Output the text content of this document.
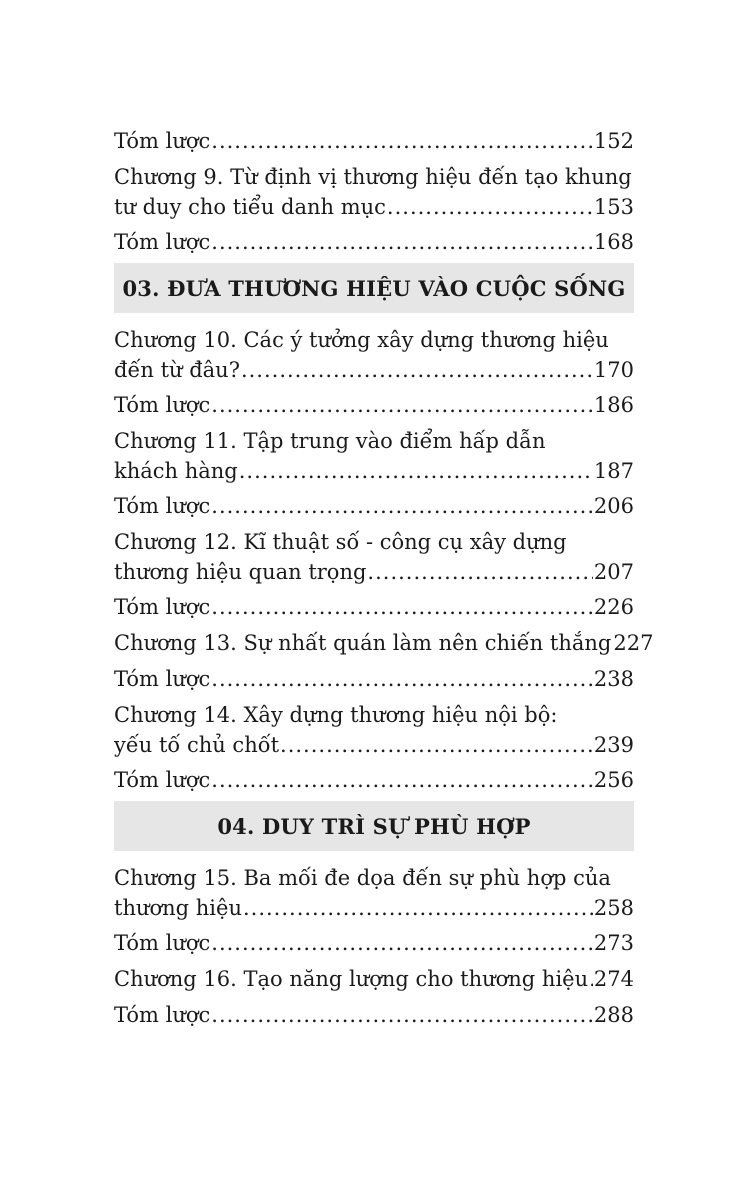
Tóm lược .....	152
Chương 9. Từ định vị thương hiệu đến tạo khung
tư duy cho tiểu danh mục .....	153
Tóm lược .....	168
03. ĐƯA THƯƠNG HIỆU VÀO CUỘC SỐNG
Chương 10. Các ý tưởng xây dựng thương hiệu
đến từ đâu? .....	170
Tóm lược .....	186
Chương 11. Tập trung vào điểm hấp dẫn
khách hàng .....	187
Tóm lược .....	206
Chương 12. Kĩ thuật số - công cụ xây dựng
thương hiệu quan trọng .....	207
Tóm lược .....	226
Chương 13. Sự nhất quán làm nên chiến thắng 227
Tóm lược .....	238
Chương 14. Xây dựng thương hiệu nội bộ:
yếu tố chủ chốt .....	239
Tóm lược .....	256
04. DUY TRÌ SỰ PHÙ HỢP
Chương 15. Ba mối đe dọa đến sự phù hợp của
thương hiệu .....	258
Tóm lược .....	273
Chương 16. Tạo năng lượng cho thương hiệu ..... 274
Tóm lược .....	288
